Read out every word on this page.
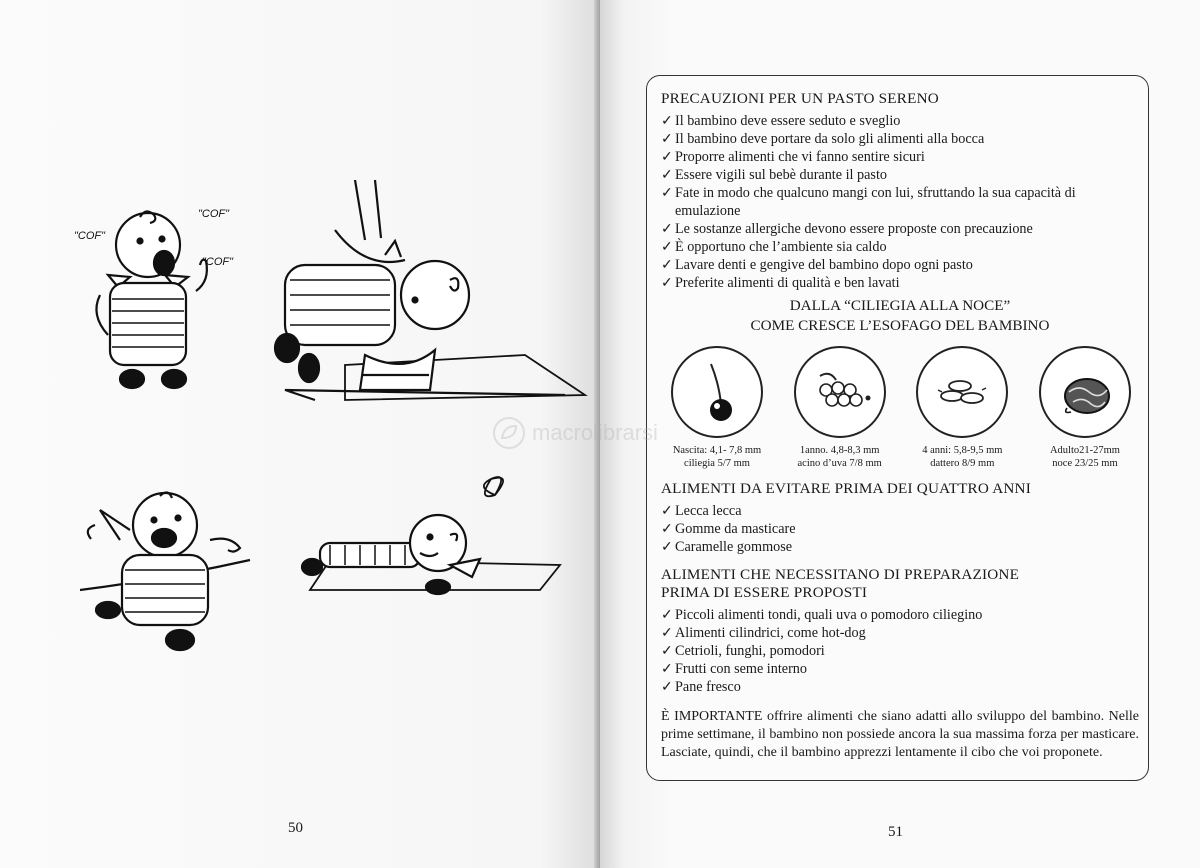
"COF"
"COF"
"COF"
50	51
PRECAUZIONI PER UN PASTO SERENO
✓ Il bambino deve essere seduto e sveglio
✓ Il bambino deve portare da solo gli alimenti alla bocca
✓ Proporre alimenti che vi fanno sentire sicuri
✓ Essere vigili sul bebè durante il pasto
✓ Fate in modo che qualcuno mangi con lui, sfruttando la sua capacità di emulazione
✓ Le sostanze allergiche devono essere proposte con precauzione
✓ È opportuno che l’ambiente sia caldo
✓ Lavare denti e gengive del bambino dopo ogni pasto
✓ Preferite alimenti di qualità e ben lavati
DALLA “CILIEGIA ALLA NOCE”
COME CRESCE L’ESOFAGO DEL BAMBINO
Nascita: 4,1- 7,8 mm
ciliegia 5/7 mm
1anno. 4,8-8,3 mm
acino d’uva 7/8 mm
4 anni: 5,8-9,5 mm
dattero 8/9 mm
Adulto21-27mm
noce 23/25 mm
ALIMENTI DA EVITARE PRIMA DEI QUATTRO ANNI
✓ Lecca lecca
✓ Gomme da masticare
✓ Caramelle gommose
ALIMENTI CHE NECESSITANO DI PREPARAZIONE
PRIMA DI ESSERE PROPOSTI
✓ Piccoli alimenti tondi, quali uva o pomodoro ciliegino
✓ Alimenti cilindrici, come hot-dog
✓ Cetrioli, funghi, pomodori
✓ Frutti con seme interno
✓ Pane fresco
È IMPORTANTE offrire alimenti che siano adatti allo sviluppo del bambino. Nelle prime settimane, il bambino non possiede ancora la sua massima forza per masticare. Lasciate, quindi, che il bambino apprezzi lentamente il cibo che voi proponete.
macrolibrarsi
